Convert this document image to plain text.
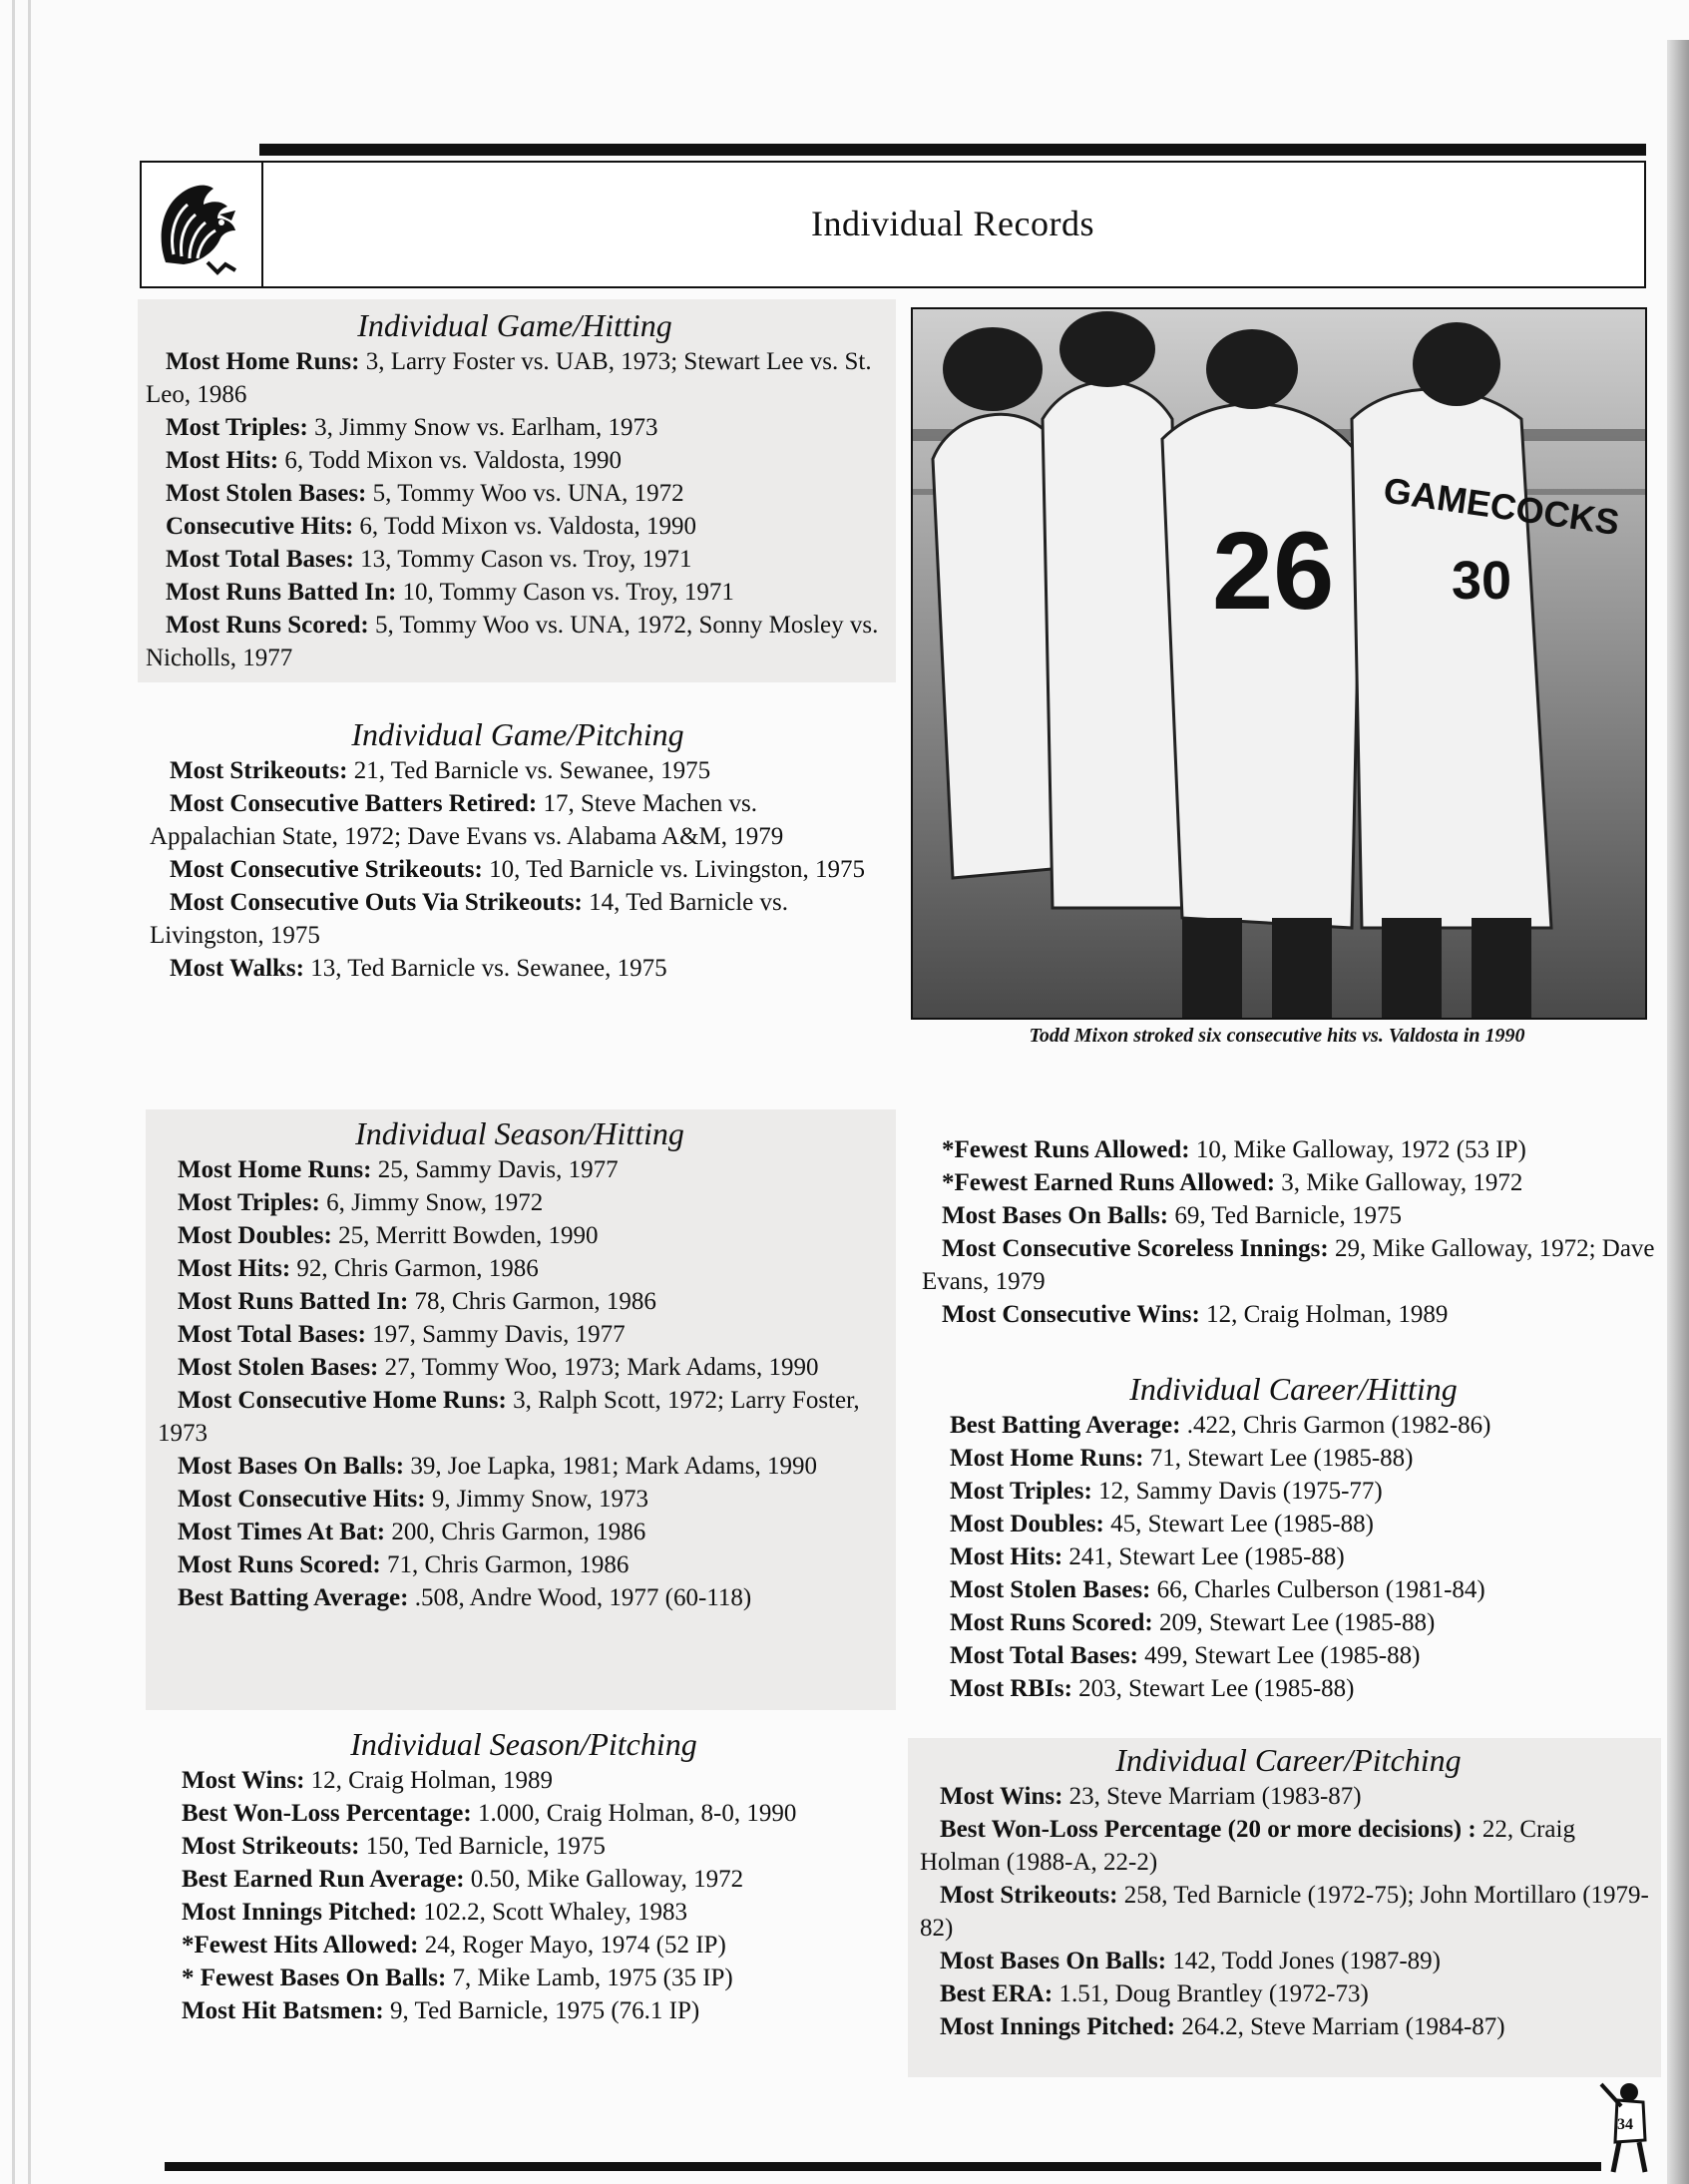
Individual Records
Individual Game/Hitting

Most Home Runs: 3, Larry Foster vs. UAB, 1973; Stewart Lee vs. St. Leo, 1986

Most Triples: 3, Jimmy Snow vs. Earlham, 1973

Most Hits: 6, Todd Mixon vs. Valdosta, 1990

Most Stolen Bases: 5, Tommy Woo vs. UNA, 1972

Consecutive Hits: 6, Todd Mixon vs. Valdosta, 1990

Most Total Bases: 13, Tommy Cason vs. Troy, 1971

Most Runs Batted In: 10, Tommy Cason vs. Troy, 1971

Most Runs Scored: 5, Tommy Woo vs. UNA, 1972, Sonny Mosley vs. Nicholls, 1977

Individual Game/Pitching

Most Strikeouts: 21, Ted Barnicle vs. Sewanee, 1975

Most Consecutive Batters Retired: 17, Steve Machen vs. Appalachian State, 1972; Dave Evans vs. Alabama A&M, 1979

Most Consecutive Strikeouts: 10, Ted Barnicle vs. Livingston, 1975

Most Consecutive Outs Via Strikeouts: 14, Ted Barnicle vs. Livingston, 1975

Most Walks: 13, Ted Barnicle vs. Sewanee, 1975

26
GAMECOCKS
30
Todd Mixon stroked six consecutive hits vs. Valdosta in 1990
Individual Season/Hitting

Most Home Runs: 25, Sammy Davis, 1977

Most Triples: 6, Jimmy Snow, 1972

Most Doubles: 25, Merritt Bowden, 1990

Most Hits: 92, Chris Garmon, 1986

Most Runs Batted In: 78, Chris Garmon, 1986

Most Total Bases: 197, Sammy Davis, 1977

Most Stolen Bases: 27, Tommy Woo, 1973; Mark Adams, 1990

Most Consecutive Home Runs: 3, Ralph Scott, 1972; Larry Foster, 1973

Most Bases On Balls: 39, Joe Lapka, 1981; Mark Adams, 1990

Most Consecutive Hits: 9, Jimmy Snow, 1973

Most Times At Bat: 200, Chris Garmon, 1986

Most Runs Scored: 71, Chris Garmon, 1986

Best Batting Average: .508, Andre Wood, 1977 (60-118)

Individual Season/Pitching

Most Wins: 12, Craig Holman, 1989

Best Won-Loss Percentage: 1.000, Craig Holman, 8-0, 1990

Most Strikeouts: 150, Ted Barnicle, 1975

Best Earned Run Average: 0.50, Mike Galloway, 1972

Most Innings Pitched: 102.2, Scott Whaley, 1983

*Fewest Hits Allowed: 24, Roger Mayo, 1974 (52 IP)

* Fewest Bases On Balls: 7, Mike Lamb, 1975 (35 IP)

Most Hit Batsmen: 9, Ted Barnicle, 1975 (76.1 IP)

*Fewest Runs Allowed: 10, Mike Galloway, 1972 (53 IP)

*Fewest Earned Runs Allowed: 3, Mike Galloway, 1972

Most Bases On Balls: 69, Ted Barnicle, 1975

Most Consecutive Scoreless Innings: 29, Mike Galloway, 1972; Dave Evans, 1979

Most Consecutive Wins: 12, Craig Holman, 1989

Individual Career/Hitting

Best Batting Average: .422, Chris Garmon (1982-86)

Most Home Runs: 71, Stewart Lee (1985-88)

Most Triples: 12, Sammy Davis (1975-77)

Most Doubles: 45, Stewart Lee (1985-88)

Most Hits: 241, Stewart Lee (1985-88)

Most Stolen Bases: 66, Charles Culberson (1981-84)

Most Runs Scored: 209, Stewart Lee (1985-88)

Most Total Bases: 499, Stewart Lee (1985-88)

Most RBIs: 203, Stewart Lee (1985-88)

Individual Career/Pitching

Most Wins: 23, Steve Marriam (1983-87)

Best Won-Loss Percentage (20 or more decisions) : 22, Craig Holman (1988-A, 22-2)

Most Strikeouts: 258, Ted Barnicle (1972-75); John Mortillaro (1979-82)

Most Bases On Balls: 142, Todd Jones (1987-89)

Best ERA: 1.51, Doug Brantley (1972-73)

Most Innings Pitched: 264.2, Steve Marriam (1984-87)

34
